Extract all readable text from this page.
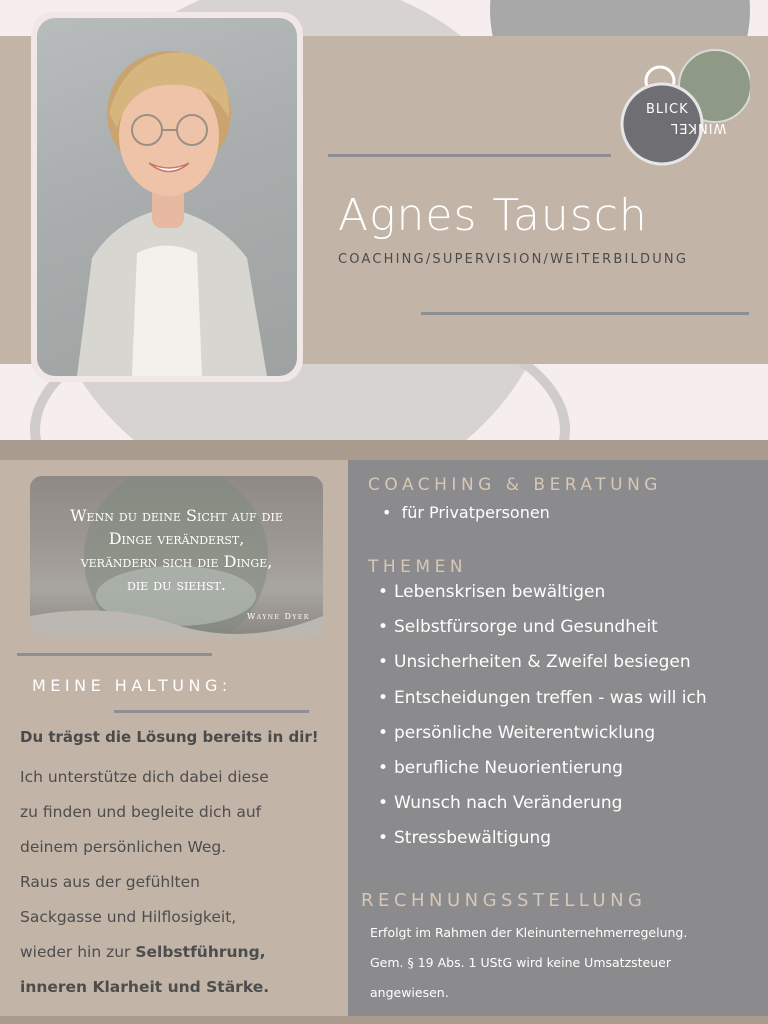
Agnes Tausch
COACHING/SUPERVISION/WEITERBILDUNG
BLICK
WINKEL
Wenn du deine Sicht auf die
Dinge veränderst,
verändern sich die Dinge,
die du siehst.
Wayne Dyer
MEINE HALTUNG:
Du trägst die Lösung bereits in dir!
Ich unterstütze dich dabei diese
zu finden und begleite dich auf
deinem persönlichen Weg.
Raus aus der gefühlten
Sackgasse und Hilflosigkeit,
wieder hin zur Selbstführung,
inneren Klarheit und Stärke.
COACHING & BERATUNG
•  für Privatpersonen
THEMEN
• Lebenskrisen bewältigen
• Selbstfürsorge und Gesundheit
• Unsicherheiten & Zweifel besiegen
• Entscheidungen treffen - was will ich
• persönliche Weiterentwicklung
• berufliche Neuorientierung
• Wunsch nach Veränderung
• Stressbewältigung
RECHNUNGSSTELLUNG
Erfolgt im Rahmen der Kleinunternehmerregelung.
Gem. § 19 Abs. 1 UStG wird keine Umsatzsteuer
angewiesen.
